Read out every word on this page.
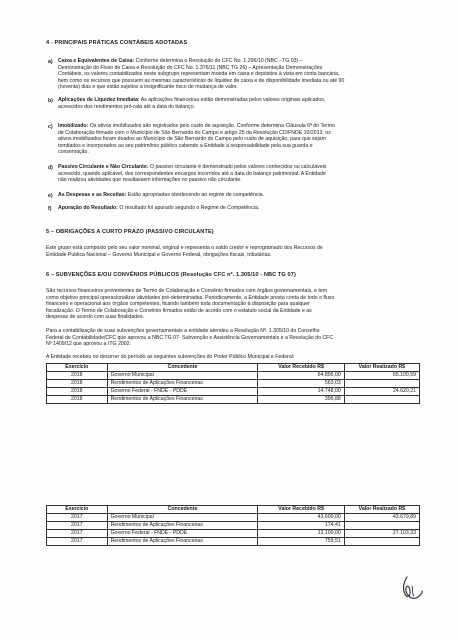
4 - PRINCIPAIS PRÁTICAS CONTÁBEIS ADOTADAS
a) Caixa e Equivalentes de Caixa: Conforme determina a Resolução do CFC No. 1.296/10 (NBC –TG 03) –
Demonstração do Fluxo de Caixa e Resolução do CFC No. 1.376/11 (NBC TG 26) – Apresentação Demonstrações
Contábeis, os valores contabilizados neste subgrupo representam moeda em caixa e depósitos à vista em conta bancária,
bem como os recursos que possuem as mesmas características de liquidez de caixa e de disponibilidade imediata ou até 90
(noventa) dias e que estão sujeitos a insignificante risco de mudança de valor.
b) Aplicações de Liquidez Imediata: As aplicações financeiras estão demonstradas pelos valores originais aplicados,
acrescidos dos rendimentos pró-rata até a data do balanço.
c) Imobilizado: Os ativos imobilizados são registrados pelo custo de aquisição. Conforme determina Cláusula 6ª do Termo
de Colaboração firmado com o Município de São Bernardo do Campo e artigo 25 da Resolução CD/FNDE 10/2013, os
ativos imobilizados foram doados ao Município de São Bernardo do Campo pelo custo de aquisição, para que sejam
tombados e incorporados ao seu patrimônio público cabendo a Entidade a responsabilidade pela sua guarda e
conservação.
d) Passivo Circulante e Não Circulante: O passivo circulante é demonstrado pelos valores conhecidos ou calculáveis
acrescido, quando aplicável, dos correspondentes encargos incorridos até a data do balanço patrimonial. A Entidade
não realizou atividades que resultassem informações no passivo não circulante.
e) As Despesas e as Receitas: Estão apropriadas obedecendo ao regime de competência.
f) Apuração do Resultado: O resultado foi apurado segundo o Regime de Competência.
5 – OBRIGAÇÕES A CURTO PRAZO (PASSIVO CIRCULANTE)
Este grupo está composto pelo seu valor nominal, original e representa o saldo credor e reprogramado dos Recursos de
Entidade Publica Nacional – Governo Municipal e Governo Federal, obrigações fiscais, tributárias.
6 – SUBVENÇÕES E/OU CONVÊNIOS PÚBLICOS (Resolução CFC nº. 1.305/10 - NBC TG 07)
São recursos financeiros provenientes de Termo de Colaboração e Convênio firmados com órgãos governamentais, e tem
como objetivo principal operacionalizar atividades pré-determinadas. Periodicamente, a Entidade presta conta de todo o fluxo
financeiro e operacional aos órgãos competentes, ficando também toda documentação à disposição para qualquer
fiscalização. O Termo de Colaboração e Convênio firmados estão de acordo com o estatuto social da Entidade e as
despesas de acordo com suas finalidades.
Para a contabilização de suas subvenções governamentais a entidade atendeu a Resolução Nº. 1.305/10 do Conselho
Federal de Contabilidade/CFC que aprovou a NBC TG 07- Subvenção e Assistência Governamentais e a Resolução do CFC
Nº 1409/12 que aprovou a ITG 2002.
A Entidade recebeu no decorrer do período as seguintes subvenções do Poder Público Municipal e Federal:
Exercício	Concedente	Valor Recebido R$	Valor Realizado R$
2018	Governo Municipal	64.896,00	65.100,59
2018	Rendimentos de Aplicações Financeiras	563,03	
2018	Governo Federal - FNDE - PDDE	14.748,00	24.620,21
2018	Rendimentos de Aplicações Financeiras	396,88	
Exercício	Concedente	Valor Recebido R$	Valor Realizado R$
2017	Governo Municipal	43.600,00	43.679,89
2017	Rendimentos de Aplicações Financeiras	174,41	
2017	Governo Federal - FNDE - PDDE	13.100,00	27.103,33
2017	Rendimentos de Aplicações Financeiras	759,51	
